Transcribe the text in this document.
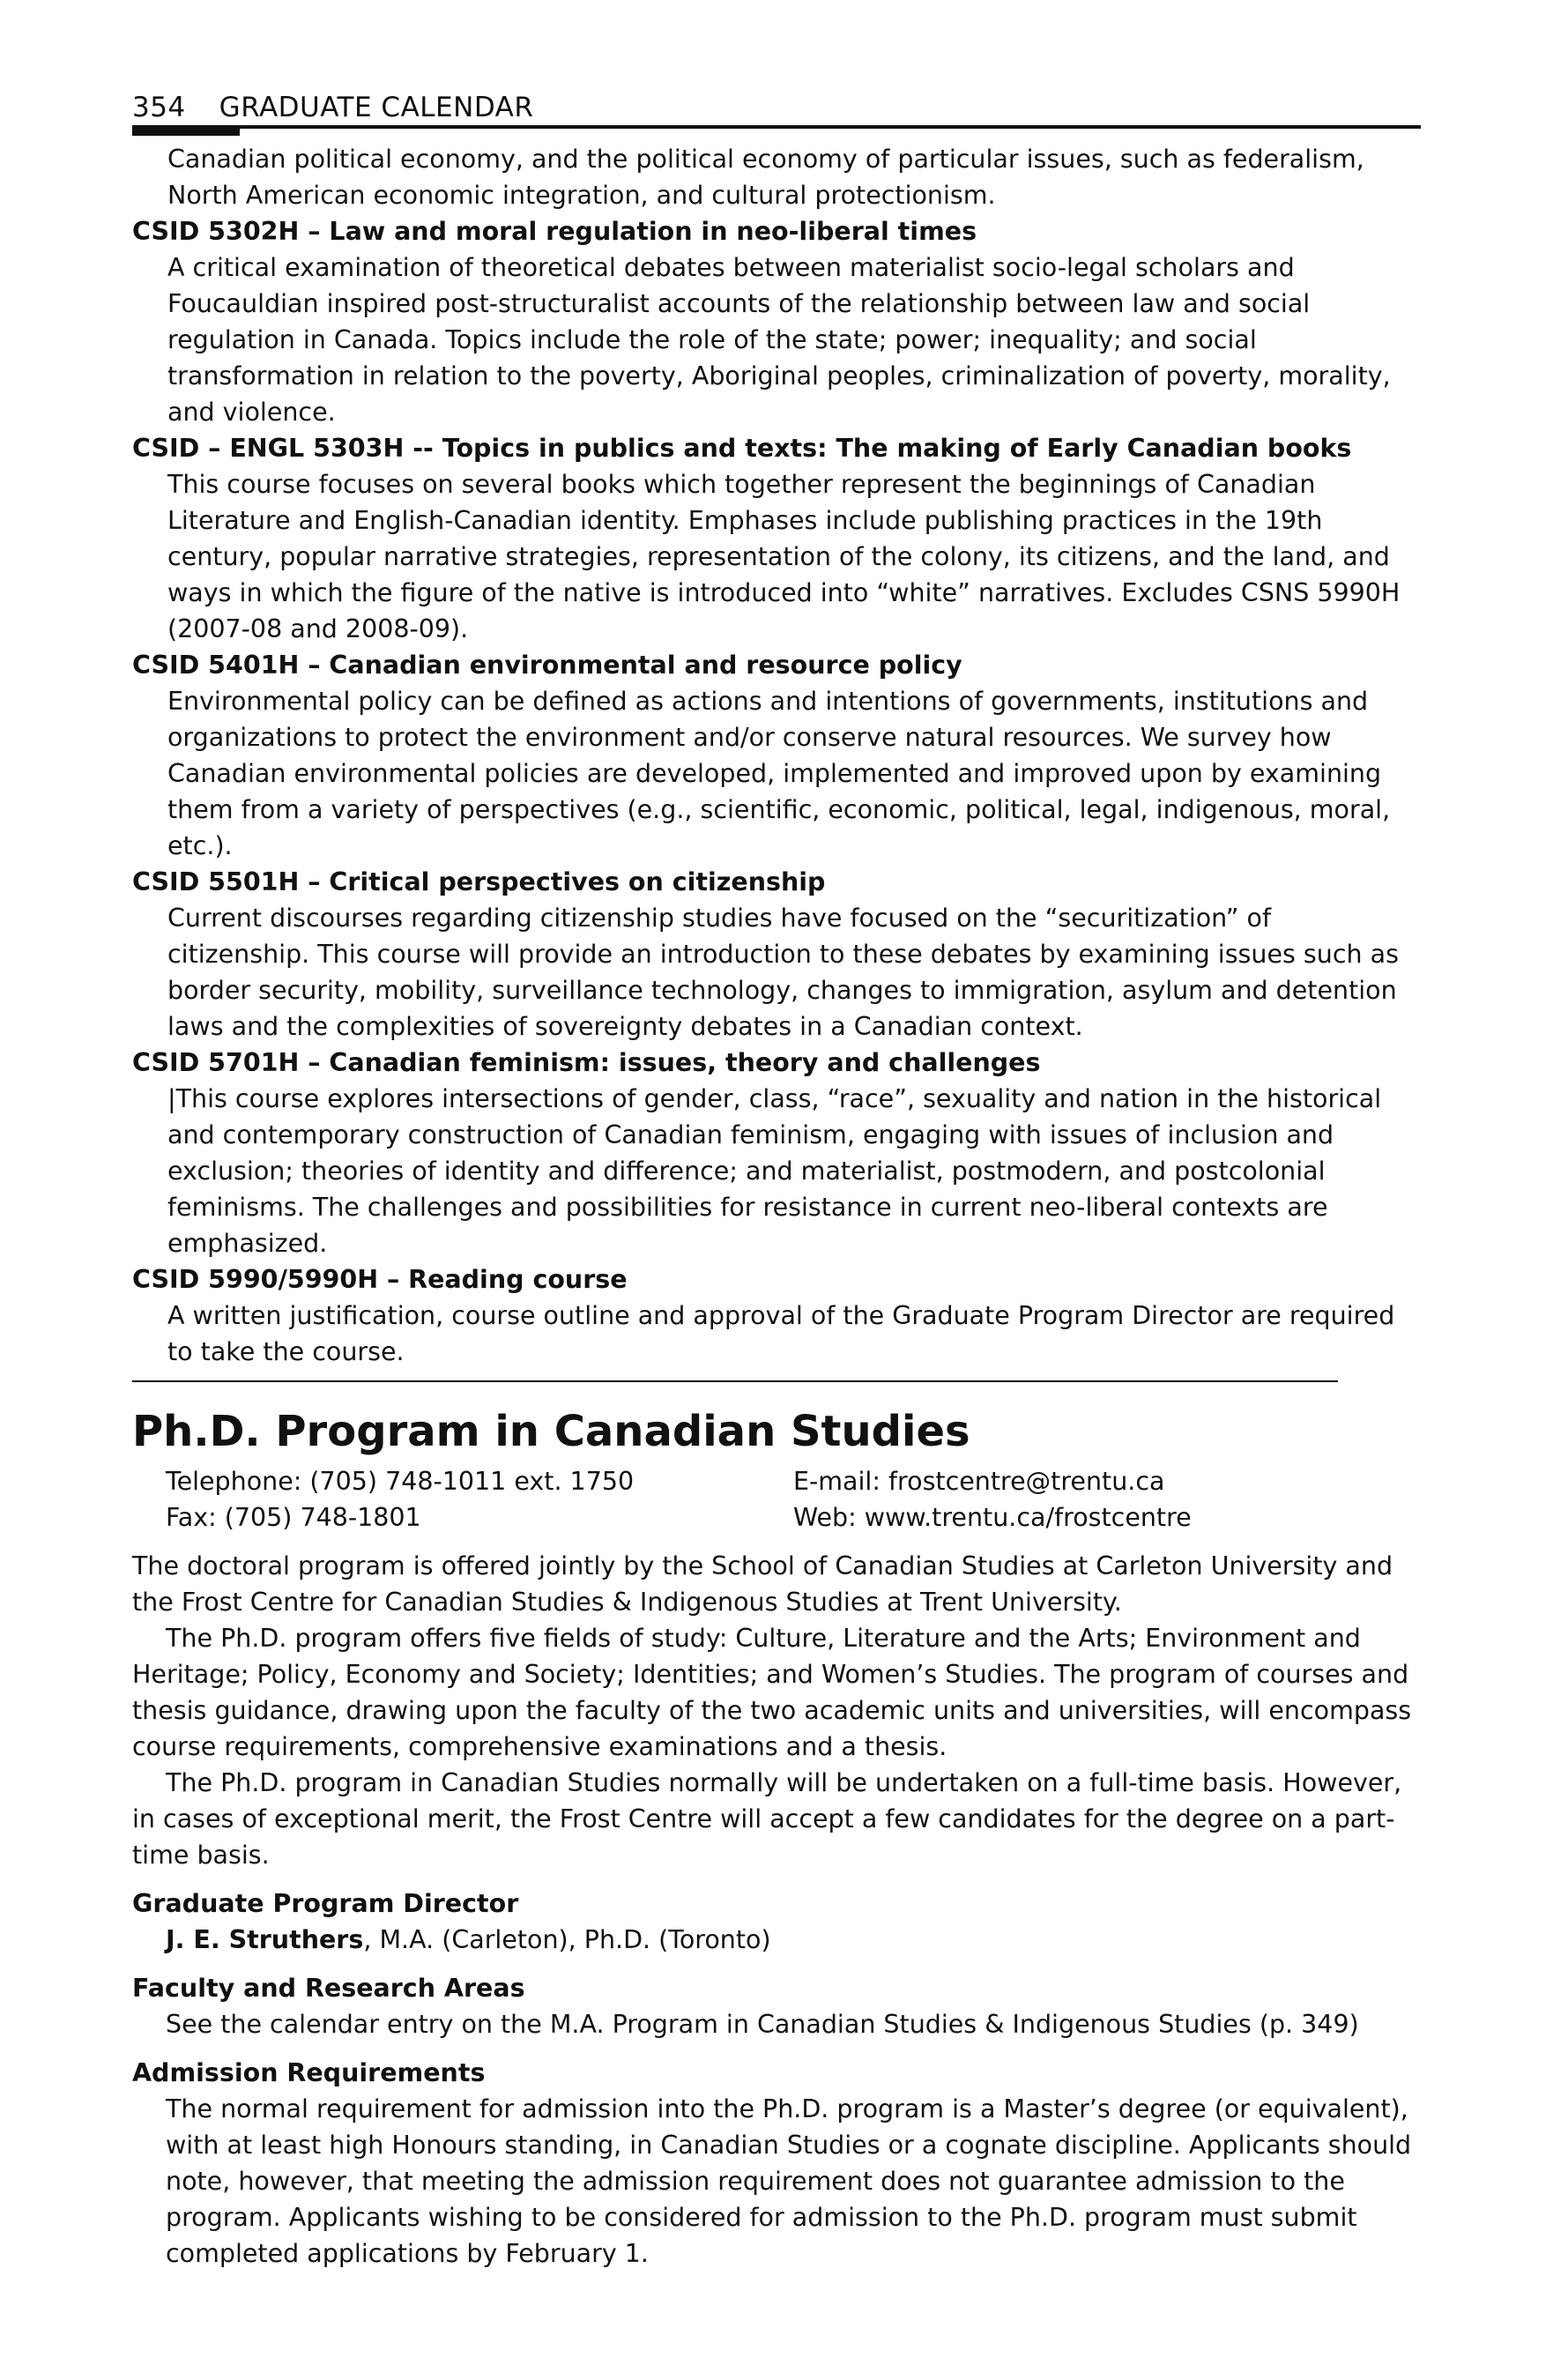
354 GRADUATE CALENDAR

Canadian political economy, and the political economy of particular issues, such as federalism, North American economic integration, and cultural protectionism.

CSID 5302H – Law and moral regulation in neo-liberal times

A critical examination of theoretical debates between materialist socio-legal scholars and Foucauldian inspired post-structuralist accounts of the relationship between law and social regulation in Canada. Topics include the role of the state; power; inequality; and social transformation in relation to the poverty, Aboriginal peoples, criminalization of poverty, morality, and violence.

CSID – ENGL 5303H -- Topics in publics and texts: The making of Early Canadian books

This course focuses on several books which together represent the beginnings of Canadian Literature and English-Canadian identity. Emphases include publishing practices in the 19th century, popular narrative strategies, representation of the colony, its citizens, and the land, and ways in which the figure of the native is introduced into “white” narratives. Excludes CSNS 5990H (2007-08 and 2008-09).

CSID 5401H – Canadian environmental and resource policy

Environmental policy can be defined as actions and intentions of governments, institutions and organizations to protect the environment and/or conserve natural resources. We survey how Canadian environmental policies are developed, implemented and improved upon by examining them from a variety of perspectives (e.g., scientific, economic, political, legal, indigenous, moral, etc.).

CSID 5501H – Critical perspectives on citizenship

Current discourses regarding citizenship studies have focused on the “securitization” of citizenship. This course will provide an introduction to these debates by examining issues such as border security, mobility, surveillance technology, changes to immigration, asylum and detention laws and the complexities of sovereignty debates in a Canadian context.

CSID 5701H – Canadian feminism: issues, theory and challenges

|This course explores intersections of gender, class, “race”, sexuality and nation in the historical and contemporary construction of Canadian feminism, engaging with issues of inclusion and exclusion; theories of identity and difference; and materialist, postmodern, and postcolonial feminisms. The challenges and possibilities for resistance in current neo-liberal contexts are emphasized.

CSID 5990/5990H – Reading course

A written justification, course outline and approval of the Graduate Program Director are required to take the course.

Ph.D. Program in Canadian Studies
Telephone: (705) 748-1011 ext. 1750	E-mail: frostcentre@trentu.ca
Fax: (705) 748-1801	Web: www.trentu.ca/frostcentre

The doctoral program is offered jointly by the School of Canadian Studies at Carleton University and the Frost Centre for Canadian Studies & Indigenous Studies at Trent University.

The Ph.D. program offers five fields of study: Culture, Literature and the Arts; Environment and Heritage; Policy, Economy and Society; Identities; and Women’s Studies. The program of courses and thesis guidance, drawing upon the faculty of the two academic units and universities, will encompass course requirements, comprehensive examinations and a thesis.

The Ph.D. program in Canadian Studies normally will be undertaken on a full-time basis. However, in cases of exceptional merit, the Frost Centre will accept a few candidates for the degree on a part-time basis.

Graduate Program Director
J. E. Struthers, M.A. (Carleton), Ph.D. (Toronto)
Faculty and Research Areas
See the calendar entry on the M.A. Program in Canadian Studies & Indigenous Studies (p. 349)
Admission Requirements
The normal requirement for admission into the Ph.D. program is a Master’s degree (or equivalent), with at least high Honours standing, in Canadian Studies or a cognate discipline. Applicants should note, however, that meeting the admission requirement does not guarantee admission to the program. Applicants wishing to be considered for admission to the Ph.D. program must submit completed applications by February 1.
